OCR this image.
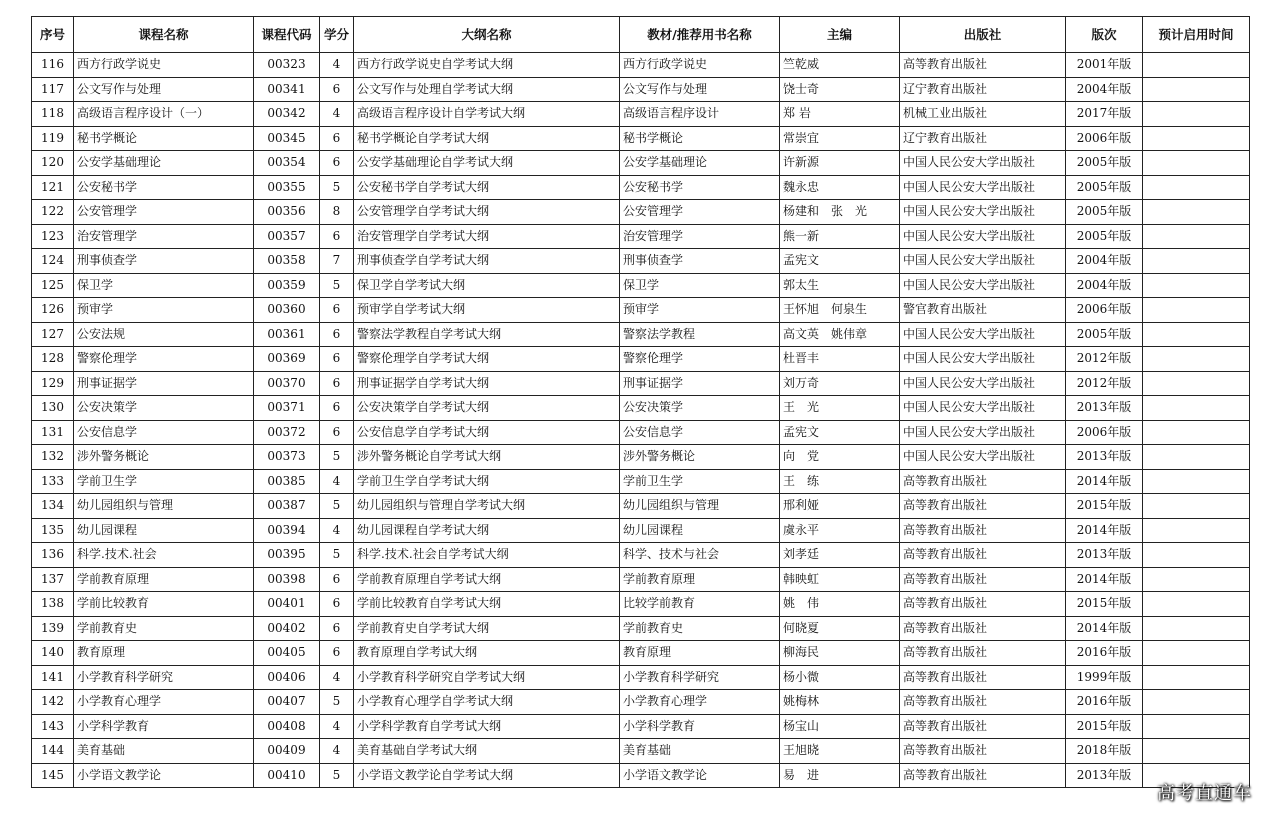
序号	课程名称	课程代码	学分	大纲名称	教材/推荐用书名称	主编	出版社	版次	预计启用时间
116	西方行政学说史	00323	4	西方行政学说史自学考试大纲	西方行政学说史	竺乾威	高等教育出版社	2001年版	
117	公文写作与处理	00341	6	公文写作与处理自学考试大纲	公文写作与处理	饶士奇	辽宁教育出版社	2004年版	
118	高级语言程序设计（一）	00342	4	高级语言程序设计自学考试大纲	高级语言程序设计	郑 岩	机械工业出版社	2017年版	
119	秘书学概论	00345	6	秘书学概论自学考试大纲	秘书学概论	常崇宜	辽宁教育出版社	2006年版	
120	公安学基础理论	00354	6	公安学基础理论自学考试大纲	公安学基础理论	许新源	中国人民公安大学出版社	2005年版	
121	公安秘书学	00355	5	公安秘书学自学考试大纲	公安秘书学	魏永忠	中国人民公安大学出版社	2005年版	
122	公安管理学	00356	8	公安管理学自学考试大纲	公安管理学	杨建和　张　光	中国人民公安大学出版社	2005年版	
123	治安管理学	00357	6	治安管理学自学考试大纲	治安管理学	熊一新	中国人民公安大学出版社	2005年版	
124	刑事侦查学	00358	7	刑事侦查学自学考试大纲	刑事侦查学	孟宪文	中国人民公安大学出版社	2004年版	
125	保卫学	00359	5	保卫学自学考试大纲	保卫学	郭太生	中国人民公安大学出版社	2004年版	
126	预审学	00360	6	预审学自学考试大纲	预审学	王怀旭　何泉生	警官教育出版社	2006年版	
127	公安法规	00361	6	警察法学教程自学考试大纲	警察法学教程	高文英　姚伟章	中国人民公安大学出版社	2005年版	
128	警察伦理学	00369	6	警察伦理学自学考试大纲	警察伦理学	杜晋丰	中国人民公安大学出版社	2012年版	
129	刑事证据学	00370	6	刑事证据学自学考试大纲	刑事证据学	刘万奇	中国人民公安大学出版社	2012年版	
130	公安决策学	00371	6	公安决策学自学考试大纲	公安决策学	王　光	中国人民公安大学出版社	2013年版	
131	公安信息学	00372	6	公安信息学自学考试大纲	公安信息学	孟宪文	中国人民公安大学出版社	2006年版	
132	涉外警务概论	00373	5	涉外警务概论自学考试大纲	涉外警务概论	向　党	中国人民公安大学出版社	2013年版	
133	学前卫生学	00385	4	学前卫生学自学考试大纲	学前卫生学	王　练	高等教育出版社	2014年版	
134	幼儿园组织与管理	00387	5	幼儿园组织与管理自学考试大纲	幼儿园组织与管理	邢利娅	高等教育出版社	2015年版	
135	幼儿园课程	00394	4	幼儿园课程自学考试大纲	幼儿园课程	虞永平	高等教育出版社	2014年版	
136	科学.技术.社会	00395	5	科学.技术.社会自学考试大纲	科学、技术与社会	刘孝廷	高等教育出版社	2013年版	
137	学前教育原理	00398	6	学前教育原理自学考试大纲	学前教育原理	韩映虹	高等教育出版社	2014年版	
138	学前比较教育	00401	6	学前比较教育自学考试大纲	比较学前教育	姚　伟	高等教育出版社	2015年版	
139	学前教育史	00402	6	学前教育史自学考试大纲	学前教育史	何晓夏	高等教育出版社	2014年版	
140	教育原理	00405	6	教育原理自学考试大纲	教育原理	柳海民	高等教育出版社	2016年版	
141	小学教育科学研究	00406	4	小学教育科学研究自学考试大纲	小学教育科学研究	杨小微	高等教育出版社	1999年版	
142	小学教育心理学	00407	5	小学教育心理学自学考试大纲	小学教育心理学	姚梅林	高等教育出版社	2016年版	
143	小学科学教育	00408	4	小学科学教育自学考试大纲	小学科学教育	杨宝山	高等教育出版社	2015年版	
144	美育基础	00409	4	美育基础自学考试大纲	美育基础	王旭晓	高等教育出版社	2018年版	
145	小学语文教学论	00410	5	小学语文教学论自学考试大纲	小学语文教学论	易　进	高等教育出版社	2013年版	
高考直通车
